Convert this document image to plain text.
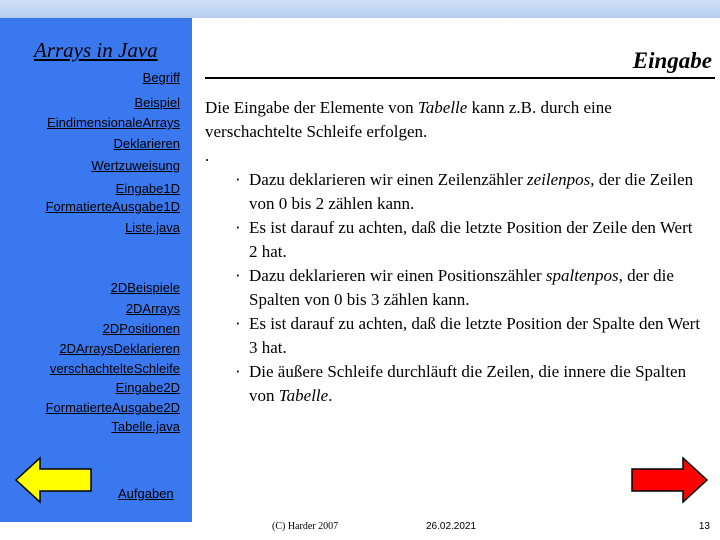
Arrays in Java
Begriff
Beispiel
EindimensionaleArrays
Deklarieren
Wertzuweisung
Eingabe1D
FormatierteAusgabe1D
Liste.java
2DBeispiele
2DArrays
2DPositionen
2DArraysDeklarieren
verschachtelteSchleife
Eingabe2D
FormatierteAusgabe2D
Tabelle.java
Aufgaben
Eingabe

Die Eingabe der Elemente von Tabelle kann z.B. durch eine verschachtelte Schleife erfolgen.

.

· Dazu deklarieren wir einen Zeilenzähler zeilenpos, der die Zeilen von 0 bis 2 zählen kann.

· Es ist darauf zu achten, daß die letzte Position der Zeile den Wert 2 hat.

· Dazu deklarieren wir einen Positionszähler spaltenpos, der die Spalten von 0 bis 3 zählen kann.

· Es ist darauf zu achten, daß die letzte Position der Spalte den Wert 3 hat.

· Die äußere Schleife durchläuft die Zeilen, die innere die Spalten von Tabelle.

(C) Harder 2007	26.02.2021	13
